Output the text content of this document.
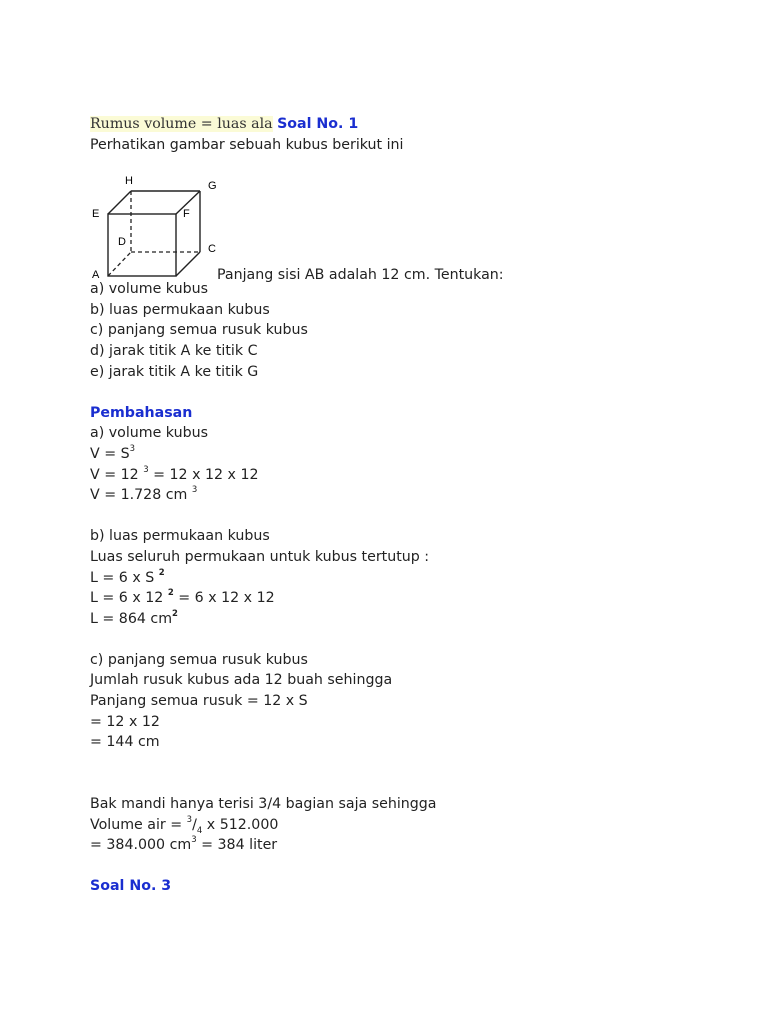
Rumus volume = luas ala Soal No. 1
Perhatikan gambar sebuah kubus berikut ini
H	G
E	F
D
C
A	Panjang sisi AB adalah 12 cm. Tentukan:
a) volume kubus
b) luas permukaan kubus
c) panjang semua rusuk kubus
d) jarak titik A ke titik C
e) jarak titik A ke titik G
Pembahasan
a) volume kubus
$V = S^3$
V = 12 $^3$ = 12 x 12 x 12
V = 1.728 cm $^3$
b) luas permukaan kubus
Luas seluruh permukaan untuk kubus tertutup :
L = 6 x S $^2$
L = 6 x 12 $^2$ = 6 x 12 x 12
L = 864 $cm^2$
c) panjang semua rusuk kubus
Jumlah rusuk kubus ada 12 buah sehingga
Panjang semua rusuk = 12 x S
= 12 x 12
= 144 cm
Bak mandi hanya terisi 3/4 bagian saja sehingga
Volume air = $^3/_4$ x 512.000
= 384.000 $cm^3 = 384$ liter
Soal No. 3
